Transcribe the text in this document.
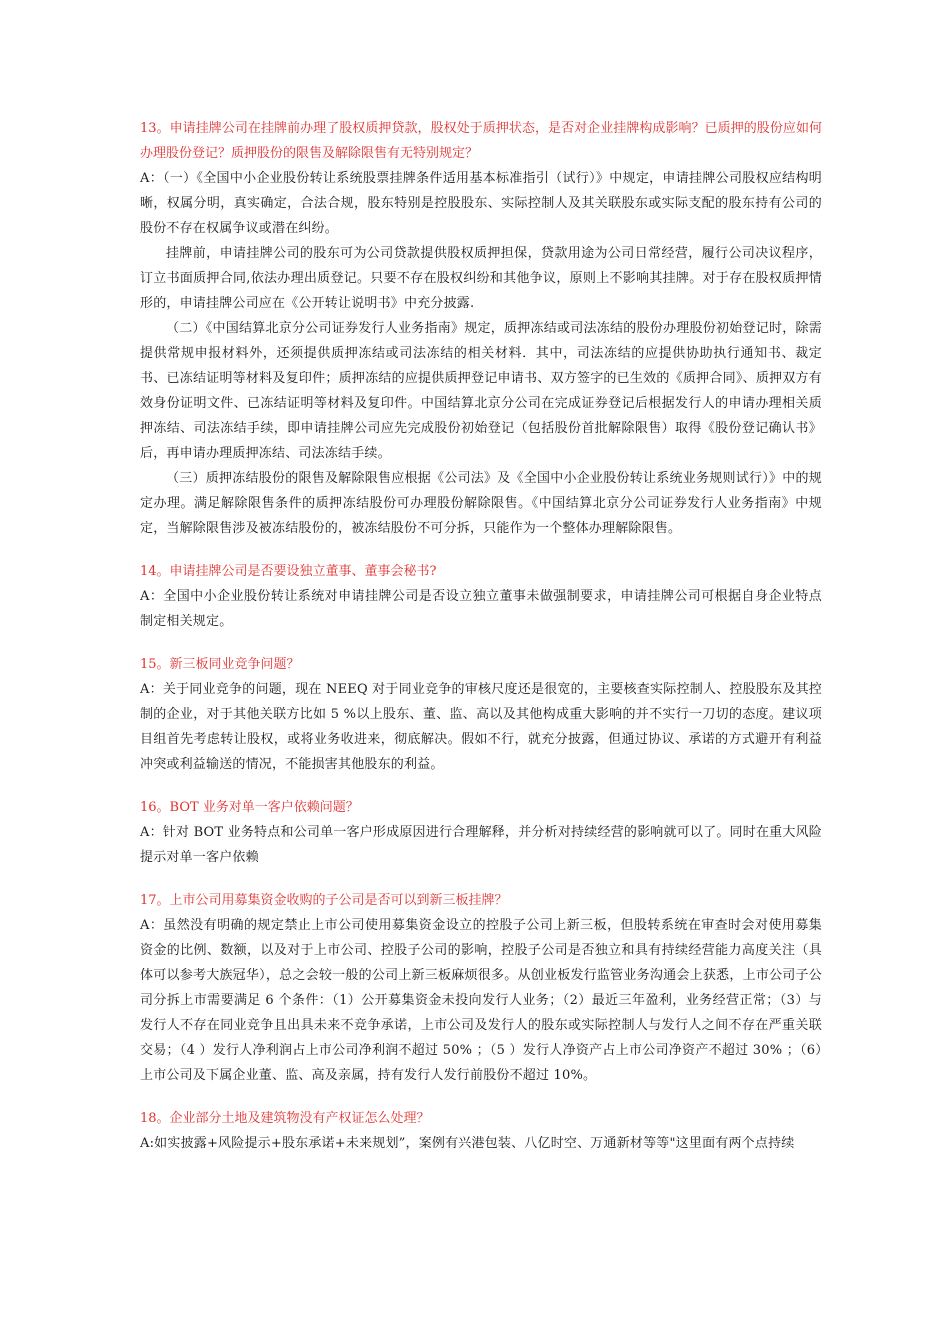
13。申请挂牌公司在挂牌前办理了股权质押贷款，股权处于质押状态，是否对企业挂牌构成影响？已质押的股份应如何办理股份登记？质押股份的限售及解除限售有无特别规定？

A：（一）《全国中小企业股份转让系统股票挂牌条件适用基本标准指引（试行）》中规定，申请挂牌公司股权应结构明晰，权属分明，真实确定，合法合规，股东特别是控股股东、实际控制人及其关联股东或实际支配的股东持有公司的股份不存在权属争议或潜在纠纷。

挂牌前，申请挂牌公司的股东可为公司贷款提供股权质押担保，贷款用途为公司日常经营，履行公司决议程序，订立书面质押合同,依法办理出质登记。只要不存在股权纠纷和其他争议，原则上不影响其挂牌。对于存在股权质押情形的，申请挂牌公司应在《公开转让说明书》中充分披露.

（二）《中国结算北京分公司证券发行人业务指南》规定，质押冻结或司法冻结的股份办理股份初始登记时，除需提供常规申报材料外，还须提供质押冻结或司法冻结的相关材料．其中，司法冻结的应提供协助执行通知书、裁定书、已冻结证明等材料及复印件；质押冻结的应提供质押登记申请书、双方签字的已生效的《质押合同》、质押双方有效身份证明文件、已冻结证明等材料及复印件。中国结算北京分公司在完成证券登记后根据发行人的申请办理相关质押冻结、司法冻结手续，即申请挂牌公司应先完成股份初始登记（包括股份首批解除限售）取得《股份登记确认书》后，再申请办理质押冻结、司法冻结手续。

（三）质押冻结股份的限售及解除限售应根据《公司法》及《全国中小企业股份转让系统业务规则试行）》中的规定办理。满足解除限售条件的质押冻结股份可办理股份解除限售。《中国结算北京分公司证券发行人业务指南》中规定，当解除限售涉及被冻结股份的，被冻结股份不可分拆，只能作为一个整体办理解除限售。

14。申请挂牌公司是否要设独立董事、董事会秘书?

A：全国中小企业股份转让系统对申请挂牌公司是否设立独立董事未做强制要求，申请挂牌公司可根据自身企业特点制定相关规定。

15。新三板同业竞争问题？

A：关于同业竞争的问题，现在 NEEQ 对于同业竞争的审核尺度还是很宽的，主要核查实际控制人、控股股东及其控制的企业，对于其他关联方比如 5 %以上股东、董、监、高以及其他构成重大影响的并不实行一刀切的态度。建议项目组首先考虑转让股权，或将业务收进来，彻底解决。假如不行，就充分披露，但通过协议、承诺的方式避开有利益冲突或利益输送的情况，不能损害其他股东的利益。

16。BOT 业务对单一客户依赖问题？

A：针对 BOT 业务特点和公司单一客户形成原因进行合理解释，并分析对持续经营的影响就可以了。同时在重大风险提示对单一客户依赖

17。上市公司用募集资金收购的子公司是否可以到新三板挂牌？

A：虽然没有明确的规定禁止上市公司使用募集资金设立的控股子公司上新三板，但股转系统在审查时会对使用募集资金的比例、数额，以及对于上市公司、控股子公司的影响，控股子公司是否独立和具有持续经营能力高度关注（具体可以参考大族冠华），总之会较一般的公司上新三板麻烦很多。从创业板发行监管业务沟通会上获悉，上市公司子公司分拆上市需要满足 6 个条件：（1）公开募集资金未投向发行人业务；（2）最近三年盈利，业务经营正常；（3）与发行人不存在同业竞争且出具未来不竞争承诺，上市公司及发行人的股东或实际控制人与发行人之间不存在严重关联交易；（4 ）发行人净利润占上市公司净利润不超过 50% ；（5 ）发行人净资产占上市公司净资产不超过 30% ；（6）上市公司及下属企业董、监、高及亲属，持有发行人发行前股份不超过 10%。

18。企业部分土地及建筑物没有产权证怎么处理？

A:如实披露+风险提示+股东承诺+未来规划”，案例有兴港包装、八亿时空、万通新材等等"这里面有两个点持续
